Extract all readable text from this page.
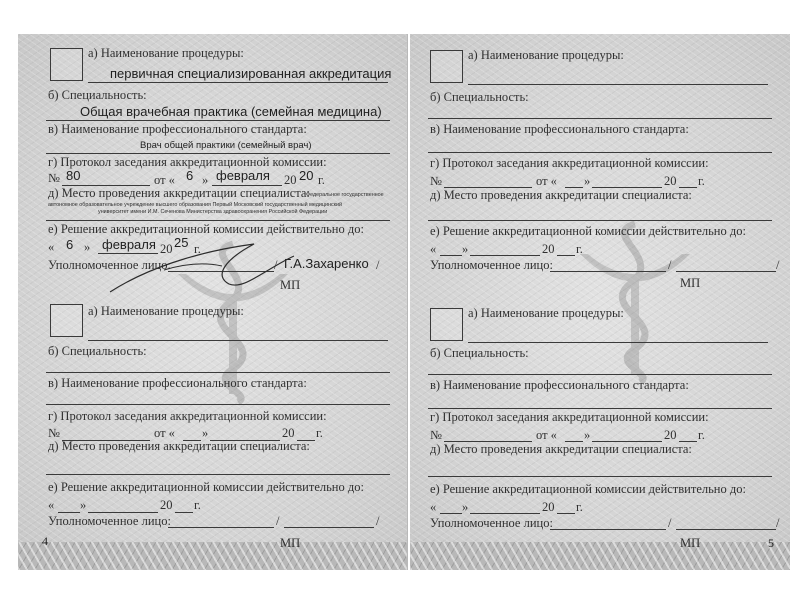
а) Наименование процедуры:
первичная специализированная аккредитация
б) Специальность:
Общая врачебная практика (семейная медицина)
в) Наименование профессионального стандарта:
Врач общей практики (семейный врач)
г) Протокол заседания аккредитационной комиссии:
№ 80	от « 6 » февраля 20 20 г.
д) Место проведения аккредитации специалиста:
Федеральное государственное
автономное образовательное учреждение высшего образования Первый Московский государственный медицинский
университет имени И.М. Сеченова Министерства здравоохранения Российской Федерации
е) Решение аккредитационной комиссии действительно до:
« 6 » февраля 20 25 г.
Уполномоченное лицо:	/ Г.А.Захаренко /
МП
а) Наименование процедуры:
б) Специальность:
в) Наименование профессионального стандарта:
г) Протокол заседания аккредитационной комиссии:
№	от « »	20 г.
д) Место проведения аккредитации специалиста:
е) Решение аккредитационной комиссии действительно до:
« »	20 г.
Уполномоченное лицо:	/	/
4	МП
а) Наименование процедуры:
б) Специальность:
в) Наименование профессионального стандарта:
г) Протокол заседания аккредитационной комиссии:
№	от « »	20 г.
д) Место проведения аккредитации специалиста:
е) Решение аккредитационной комиссии действительно до:
« »	20 г.
Уполномоченное лицо:	/	/
МП
а) Наименование процедуры:
б) Специальность:
в) Наименование профессионального стандарта:
г) Протокол заседания аккредитационной комиссии:
№	от « »	20 г.
д) Место проведения аккредитации специалиста:
е) Решение аккредитационной комиссии действительно до:
« »	20 г.
Уполномоченное лицо:	/	/
МП	5
